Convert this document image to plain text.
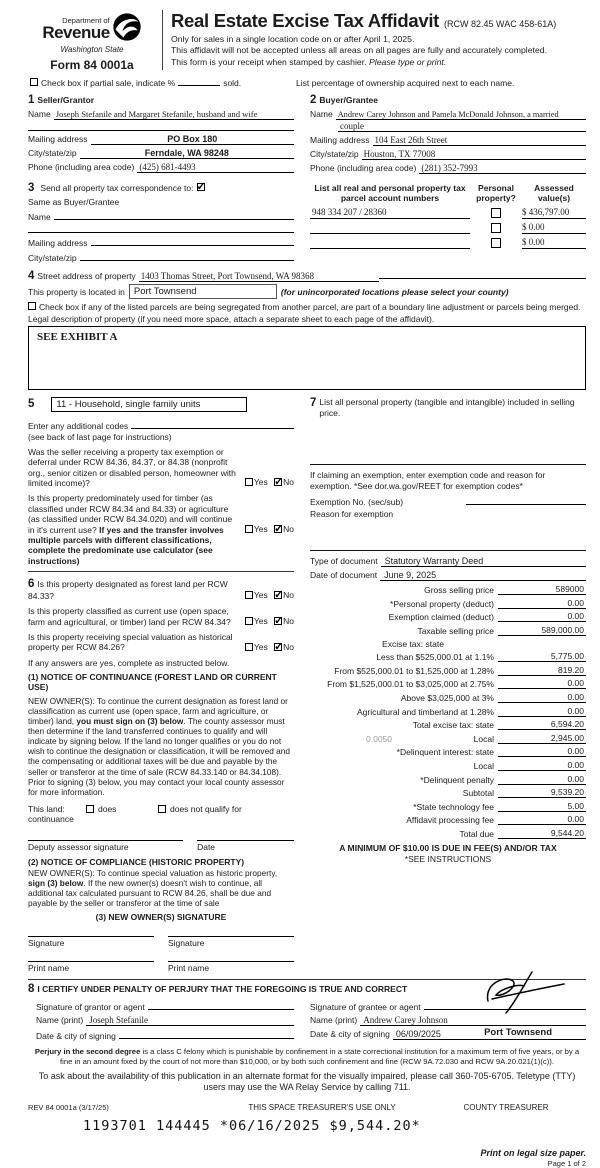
Department of
Revenue
Washington State
Form 84 0001a
Real Estate Excise Tax Affidavit (RCW 82.45 WAC 458-61A)
Only for sales in a single location code on or after April 1, 2025.
This affidavit will not be accepted unless all areas on all pages are fully and accurately completed.
This form is your receipt when stamped by cashier. Please type or print.
Check box if partial sale, indicate %	sold.	List percentage of ownership acquired next to each name.
1 Seller/Grantor
Name Joseph Stefanile and Margaret Stefanile, husband and wife
Mailing address	PO Box 180
City/state/zip	Ferndale, WA 98248
Phone (including area code) (425) 681-4493
2 Buyer/Grantee
Name Andrew Carey Johnson and Pamela McDonald Johnson, a married
couple
Mailing address 104 East 26th Street
City/state/zip Houston, TX 77008
Phone (including area code) (281) 352-7993
3 Send all property tax correspondence to:
✓
Same as Buyer/Grantee
Name
Mailing address
City/state/zip
List all real and personal property tax parcel account numbers
Personal property?
Assessed value(s)
948 334 207 / 28360	$ 436,797.00
$ 0.00
$ 0.00
4 Street address of property 1403 Thomas Street, Port Townsend, WA 98368
This property is located in Port Townsend	(for unincorporated locations please select your county)
Check box if any of the listed parcels are being segregated from another parcel, are part of a boundary line adjustment or parcels being merged.
Legal description of property (if you need more space, attach a separate sheet to each page of the affidavit).
SEE EXHIBIT A
5	11 - Household, single family units
Enter any additional codes
(see back of last page for instructions)
Was the seller receiving a property tax exemption or deferral under RCW 84.36, 84.37, or 84.38 (nonprofit org., senior citizen or disabled person, homeowner with limited income)?	Yes ✓ No
Is this property predominately used for timber (as classified under RCW 84.34 and 84.33) or agriculture (as classified under RCW 84.34.020) and will continue in it's current use? If yes and the transfer involves multiple parcels with different classifications, complete the predominate use calculator (see instructions)
Yes ✓ No
6 Is this property designated as forest land per RCW 84.33?	Yes ✓ No
Is this property classified as current use (open space, farm and agricultural, or timber) land per RCW 84.34?	Yes ✓ No
Is this property receiving special valuation as historical property per RCW 84.26?	Yes ✓ No
If any answers are yes, complete as instructed below.
(1) NOTICE OF CONTINUANCE (FOREST LAND OR CURRENT USE)
NEW OWNER(S): To continue the current designation as forest land or classification as current use (open space, farm and agriculture, or timber) land, you must sign on (3) below. The county assessor must then determine if the land transferred continues to qualify and will indicate by signing below. If the land no longer qualifies or you do not wish to continue the designation or classification, it will be removed and the compensating or additional taxes will be due and payable by the seller or transferor at the time of sale (RCW 84.33.140 or 84.34.108). Prior to signing (3) below, you may contact your local county assessor for more information.
This land:	does	does not qualify for
continuance
Deputy assessor signature	Date
(2) NOTICE OF COMPLIANCE (HISTORIC PROPERTY)
NEW OWNER(S): To continue special valuation as historic property, sign (3) below. If the new owner(s) doesn't wish to continue, all additional tax calculated pursuant to RCW 84.26, shall be due and payable by the seller or transferor at the time of sale
(3) NEW OWNER(S) SIGNATURE
Signature	Signature
Print name	Print name
7 List all personal property (tangible and intangible) included in selling price.
If claiming an exemption, enter exemption code and reason for exemption. *See dor.wa.gov/REET for exemption codes*
Exemption No. (sec/sub)
Reason for exemption
Type of document Statutory Warranty Deed
Date of document June 9, 2025
Gross selling price	589000
*Personal property (deduct)	0.00
Exemption claimed (deduct)	0.00
Taxable selling price	589,000.00
Excise tax: state
Less than $525,000.01 at 1.1%	5,775.00
From $525,000.01 to $1,525,000 at 1.28%	819.20
From $1,525,000.01 to $3,025,000 at 2.75%	0.00
Above $3,025,000 at 3%	0.00
Agricultural and timberland at 1.28%	0.00
Total excise tax: state	6,594.20
0.0050	Local	2,945.00
*Delinquent interest: state	0.00
Local	0.00
*Delinquent penalty	0.00
Subtotal	9,539.20
*State technology fee	5.00
Affidavit processing fee	0.00
Total due	9,544.20
A MINIMUM OF $10.00 IS DUE IN FEE(S) AND/OR TAX
*SEE INSTRUCTIONS
8 I CERTIFY UNDER PENALTY OF PERJURY THAT THE FOREGOING IS TRUE AND CORRECT
Signature of grantor or agent
Name (print) Joseph Stefanile
Date & city of signing
Signature of grantee or agent
Name (print) Andrew Carey Johnson
Port Townsend
Date & city of signing 06/09/2025
Perjury in the second degree is a class C felony which is punishable by confinement in a state correctional institution for a maximum term of five years, or by a fine in an amount fixed by the court of not more than $10,000, or by both such confinement and fine (RCW 9A.72.030 and RCW 9A.20.021(1)(c)).
To ask about the availability of this publication in an alternate format for the visually impaired, please call 360-705-6705. Teletype (TTY) users may use the WA Relay Service by calling 711.
REV 84 0001a (3/17/25)	THIS SPACE TREASURER'S USE ONLY	COUNTY TREASURER
1193701 144445 *06/16/2025 $9,544.20*
Print on legal size paper.
Page 1 of 2
